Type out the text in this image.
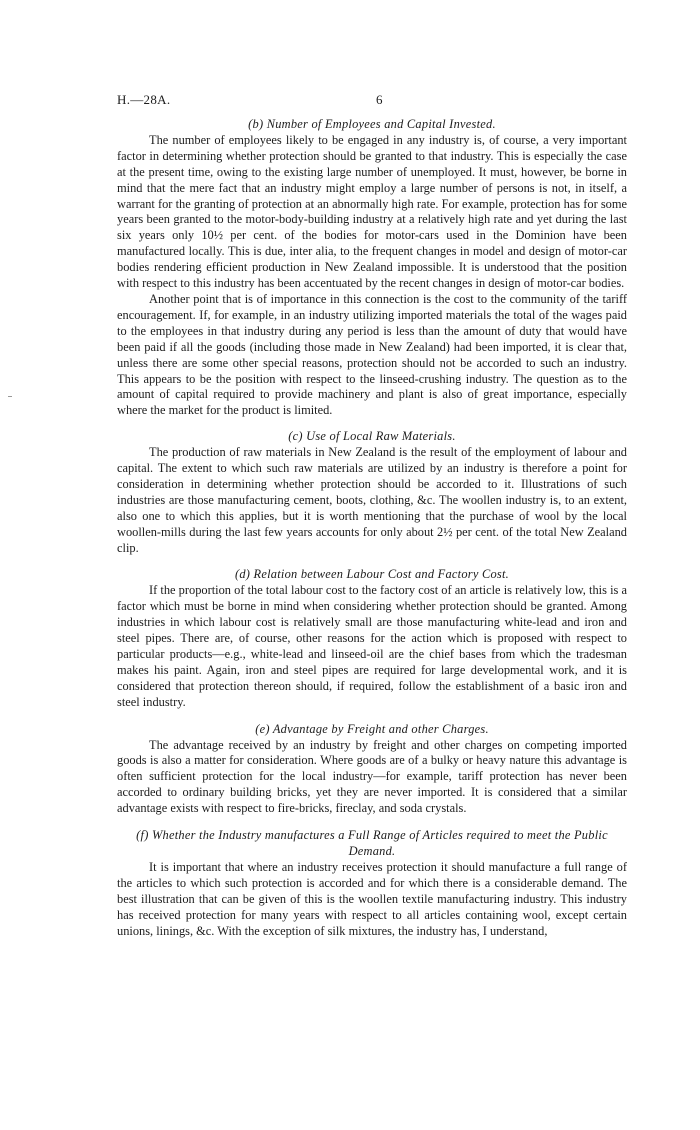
H.—28A.	6
(b) Number of Employees and Capital Invested.

The number of employees likely to be engaged in any industry is, of course, a very important factor in determining whether protection should be granted to that industry. This is especially the case at the present time, owing to the existing large number of unemployed. It must, however, be borne in mind that the mere fact that an industry might employ a large number of persons is not, in itself, a warrant for the granting of protection at an abnormally high rate. For example, protection has for some years been granted to the motor-body-building industry at a relatively high rate and yet during the last six years only 10½ per cent. of the bodies for motor-cars used in the Dominion have been manufactured locally. This is due, inter alia, to the frequent changes in model and design of motor-car bodies rendering efficient production in New Zealand impossible. It is understood that the position with respect to this industry has been accentuated by the recent changes in design of motor-car bodies.

Another point that is of importance in this connection is the cost to the community of the tariff encouragement. If, for example, in an industry utilizing imported materials the total of the wages paid to the employees in that industry during any period is less than the amount of duty that would have been paid if all the goods (including those made in New Zealand) had been imported, it is clear that, unless there are some other special reasons, protection should not be accorded to such an industry. This appears to be the position with respect to the linseed-crushing industry. The question as to the amount of capital required to provide machinery and plant is also of great importance, especially where the market for the product is limited.

(c) Use of Local Raw Materials.

The production of raw materials in New Zealand is the result of the employment of labour and capital. The extent to which such raw materials are utilized by an industry is therefore a point for consideration in determining whether protection should be accorded to it. Illustrations of such industries are those manufacturing cement, boots, clothing, &c. The woollen industry is, to an extent, also one to which this applies, but it is worth mentioning that the purchase of wool by the local woollen-mills during the last few years accounts for only about 2½ per cent. of the total New Zealand clip.

(d) Relation between Labour Cost and Factory Cost.

If the proportion of the total labour cost to the factory cost of an article is relatively low, this is a factor which must be borne in mind when considering whether protection should be granted. Among industries in which labour cost is relatively small are those manufacturing white-lead and iron and steel pipes. There are, of course, other reasons for the action which is proposed with respect to particular products—e.g., white-lead and linseed-oil are the chief bases from which the tradesman makes his paint. Again, iron and steel pipes are required for large developmental work, and it is considered that protection thereon should, if required, follow the establishment of a basic iron and steel industry.

(e) Advantage by Freight and other Charges.

The advantage received by an industry by freight and other charges on competing imported goods is also a matter for consideration. Where goods are of a bulky or heavy nature this advantage is often sufficient protection for the local industry—for example, tariff protection has never been accorded to ordinary building bricks, yet they are never imported. It is considered that a similar advantage exists with respect to fire-bricks, fireclay, and soda crystals.

(f) Whether the Industry manufactures a Full Range of Articles required to meet the Public Demand.

It is important that where an industry receives protection it should manufacture a full range of the articles to which such protection is accorded and for which there is a considerable demand. The best illustration that can be given of this is the woollen textile manufacturing industry. This industry has received protection for many years with respect to all articles containing wool, except certain unions, linings, &c. With the exception of silk mixtures, the industry has, I understand,
